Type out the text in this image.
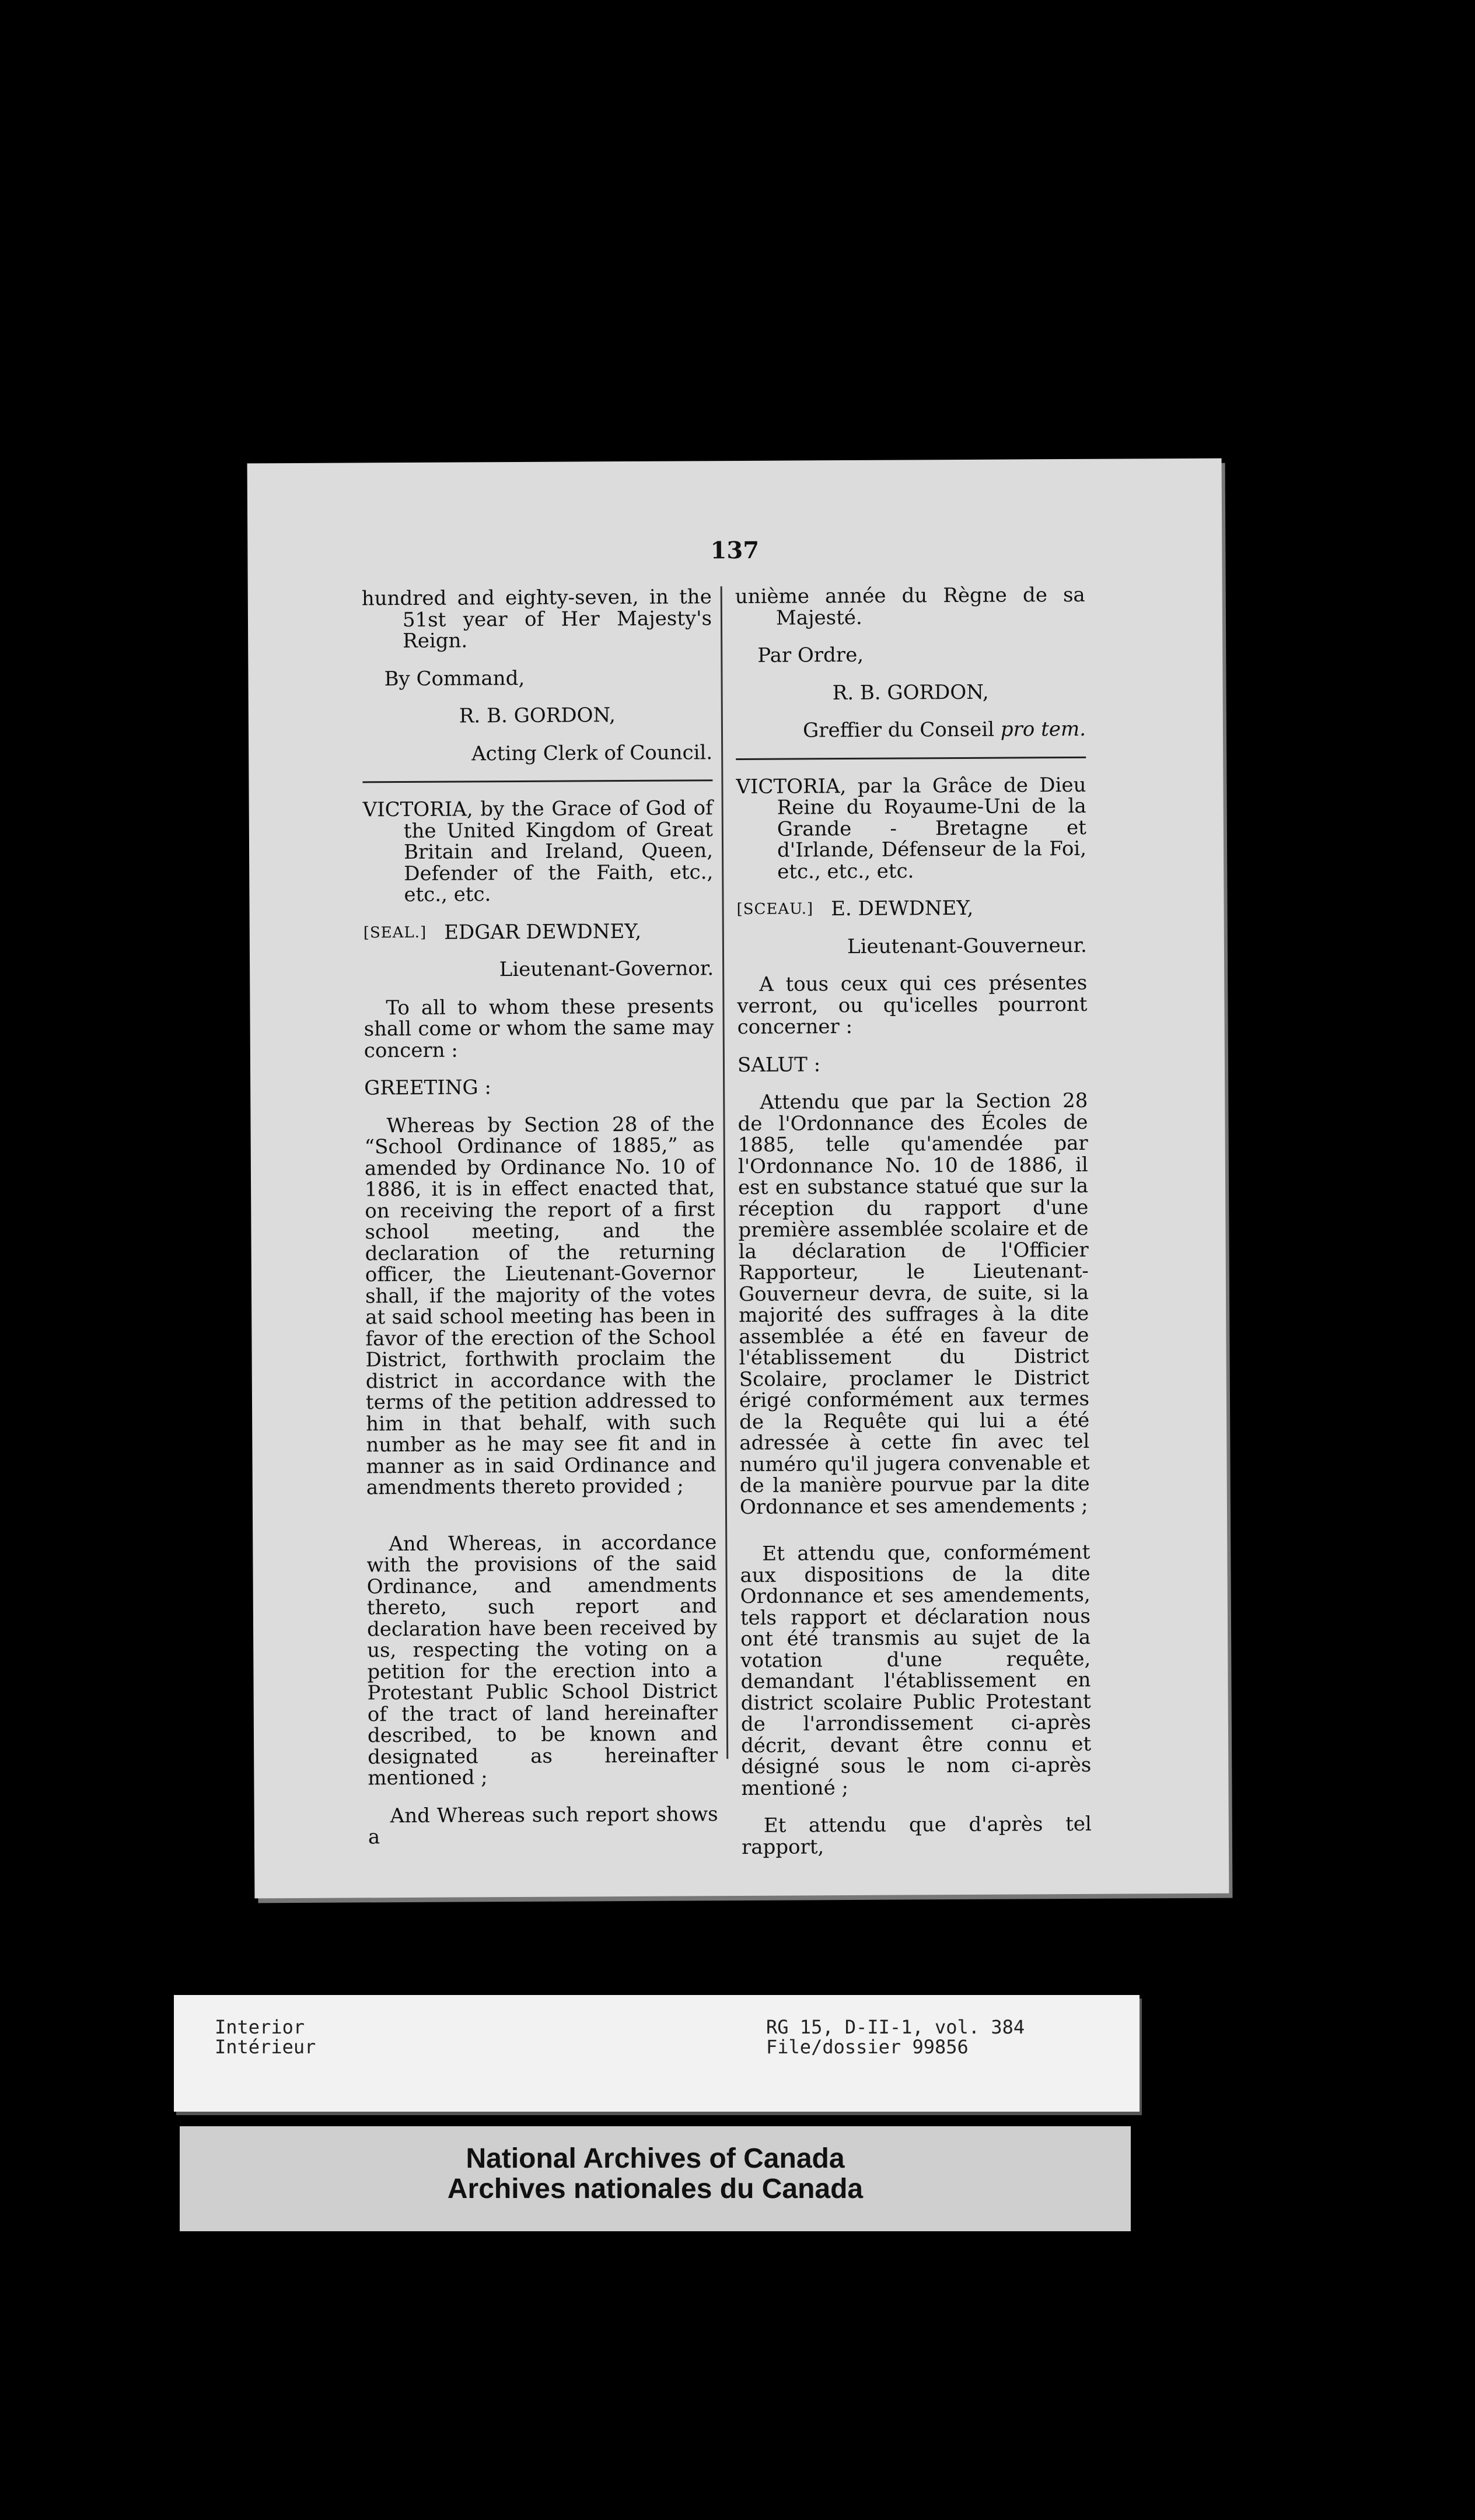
137

hundred and eighty-seven, in the 51st year of Her Majesty's Reign.

By Command,

R. B. GORDON,

Acting Clerk of Council.

VICTORIA, by the Grace of God of the United Kingdom of Great Britain and Ireland, Queen, Defender of the Faith, etc., etc., etc.

[SEAL.] EDGAR DEWDNEY,

Lieutenant-Governor.

To all to whom these presents shall come or whom the same may concern :

GREETING :

Whereas by Section 28 of the “School Ordinance of 1885,” as amended by Ordinance No. 10 of 1886, it is in effect enacted that, on receiving the report of a first school meeting, and the declaration of the returning officer, the Lieutenant-Governor shall, if the majority of the votes at said school meeting has been in favor of the erection of the School District, forthwith proclaim the district in accordance with the terms of the petition addressed to him in that behalf, with such number as he may see fit and in manner as in said Ordinance and amendments thereto provided ;

And Whereas, in accordance with the provisions of the said Ordinance, and amendments thereto, such report and declaration have been received by us, respecting the voting on a petition for the erection into a Protestant Public School District of the tract of land hereinafter described, to be known and designated as hereinafter mentioned ;

And Whereas such report shows a

unième année du Règne de sa Majesté.

Par Ordre,

R. B. GORDON,

Greffier du Conseil pro tem.

VICTORIA, par la Grâce de Dieu Reine du Royaume-Uni de la Grande - Bretagne et d'Irlande, Défenseur de la Foi, etc., etc., etc.

[SCEAU.] E. DEWDNEY,

Lieutenant-Gouverneur.

A tous ceux qui ces présentes verront, ou qu'icelles pourront concerner :

SALUT :

Attendu que par la Section 28 de l'Ordonnance des Écoles de 1885, telle qu'amendée par l'Ordonnance No. 10 de 1886, il est en substance statué que sur la réception du rapport d'une première assemblée scolaire et de la déclaration de l'Officier Rapporteur, le Lieutenant-Gouverneur devra, de suite, si la majorité des suffrages à la dite assemblée a été en faveur de l'établissement du District Scolaire, proclamer le District érigé conformément aux termes de la Requête qui lui a été adressée à cette fin avec tel numéro qu'il jugera convenable et de la manière pourvue par la dite Ordonnance et ses amendements ;

Et attendu que, conformément aux dispositions de la dite Ordonnance et ses amendements, tels rapport et déclaration nous ont été transmis au sujet de la votation d'une requête, demandant l'établissement en district scolaire Public Protestant de l'arrondissement ci-après décrit, devant être connu et désigné sous le nom ci-après mentioné ;

Et attendu que d'après tel rapport,

Interior
Intérieur
RG 15, D-II-1, vol. 384
File/dossier 99856
National Archives of Canada
Archives nationales du Canada
